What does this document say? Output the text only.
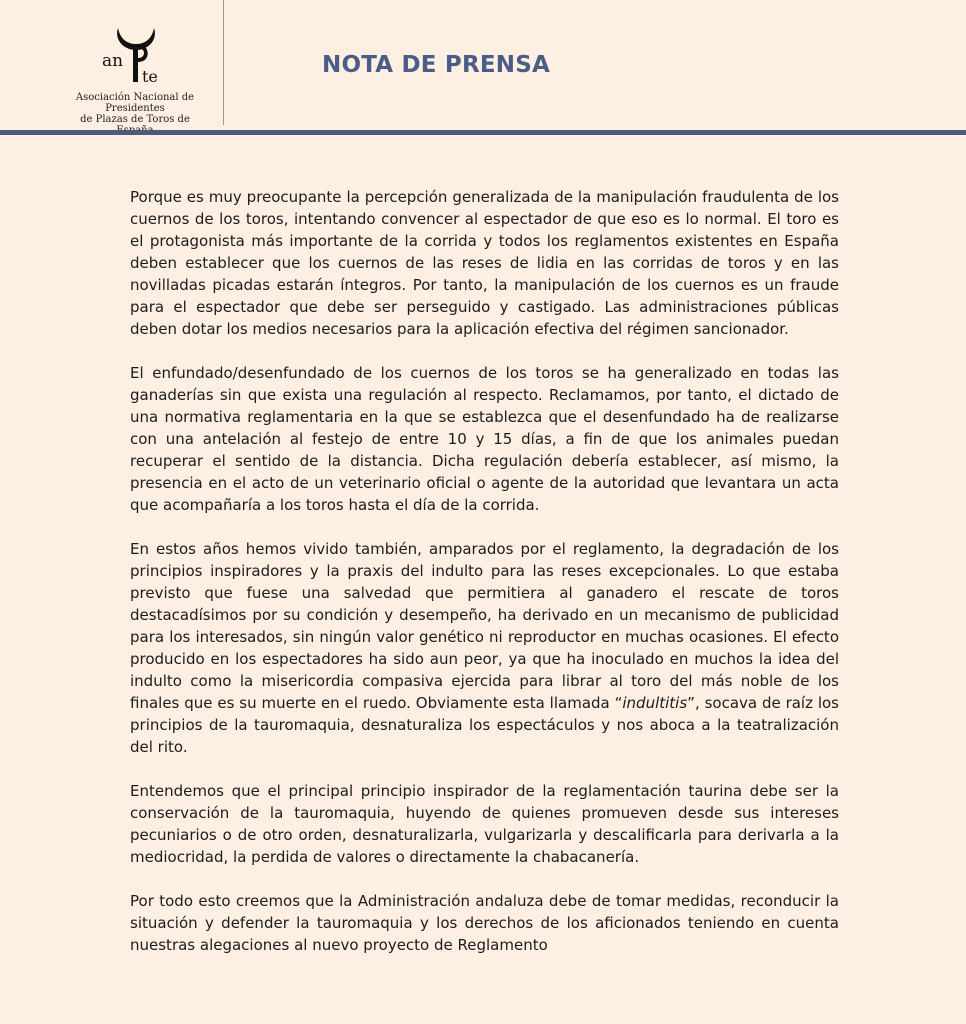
an
te
P
Asociación Nacional de Presidentes
de Plazas de Toros de
NOTA DE PRENSA

Porque es muy preocupante la percepción generalizada de la manipulación fraudulenta de los cuernos de los toros, intentando convencer al espectador de que eso es lo normal. El toro es el protagonista más importante de la corrida y todos los reglamentos existentes en España deben establecer que los cuernos de las reses de lidia en las corridas de toros y en las novilladas picadas estarán íntegros. Por tanto, la manipulación de los cuernos es un fraude para el espectador que debe ser perseguido y castigado. Las administraciones públicas deben dotar los medios necesarios para la aplicación efectiva del régimen sancionador.

El enfundado/desenfundado de los cuernos de los toros se ha generalizado en todas las ganaderías sin que exista una regulación al respecto. Reclamamos, por tanto, el dictado de una normativa reglamentaria en la que se establezca que el desenfundado ha de realizarse con una antelación al festejo de entre 10 y 15 días, a fin de que los animales puedan recuperar el sentido de la distancia. Dicha regulación debería establecer, así mismo, la presencia en el acto de un veterinario oficial o agente de la autoridad que levantara un acta que acompañaría a los toros hasta el día de la corrida.

En estos años hemos vivido también, amparados por el reglamento, la degradación de los principios inspiradores y la praxis del indulto para las reses excepcionales. Lo que estaba previsto que fuese una salvedad que permitiera al ganadero el rescate de toros destacadísimos por su condición y desempeño, ha derivado en un mecanismo de publicidad para los interesados, sin ningún valor genético ni reproductor en muchas ocasiones. El efecto producido en los espectadores ha sido aun peor, ya que ha inoculado en muchos la idea del indulto como la misericordia compasiva ejercida para librar al toro del más noble de los finales que es su muerte en el ruedo. Obviamente esta llamada “indultitis”, socava de raíz los principios de la tauromaquia, desnaturaliza los espectáculos y nos aboca a la teatralización del rito.

Entendemos que el principal principio inspirador de la reglamentación taurina debe ser la conservación de la tauromaquia, huyendo de quienes promueven desde sus intereses pecuniarios o de otro orden, desnaturalizarla, vulgarizarla y descalificarla para derivarla a la mediocridad, la perdida de valores o directamente la chabacanería.

Por todo esto creemos que la Administración andaluza debe de tomar medidas, reconducir la situación y defender la tauromaquia y los derechos de los aficionados teniendo en cuenta nuestras alegaciones al nuevo proyecto de Reglamento
